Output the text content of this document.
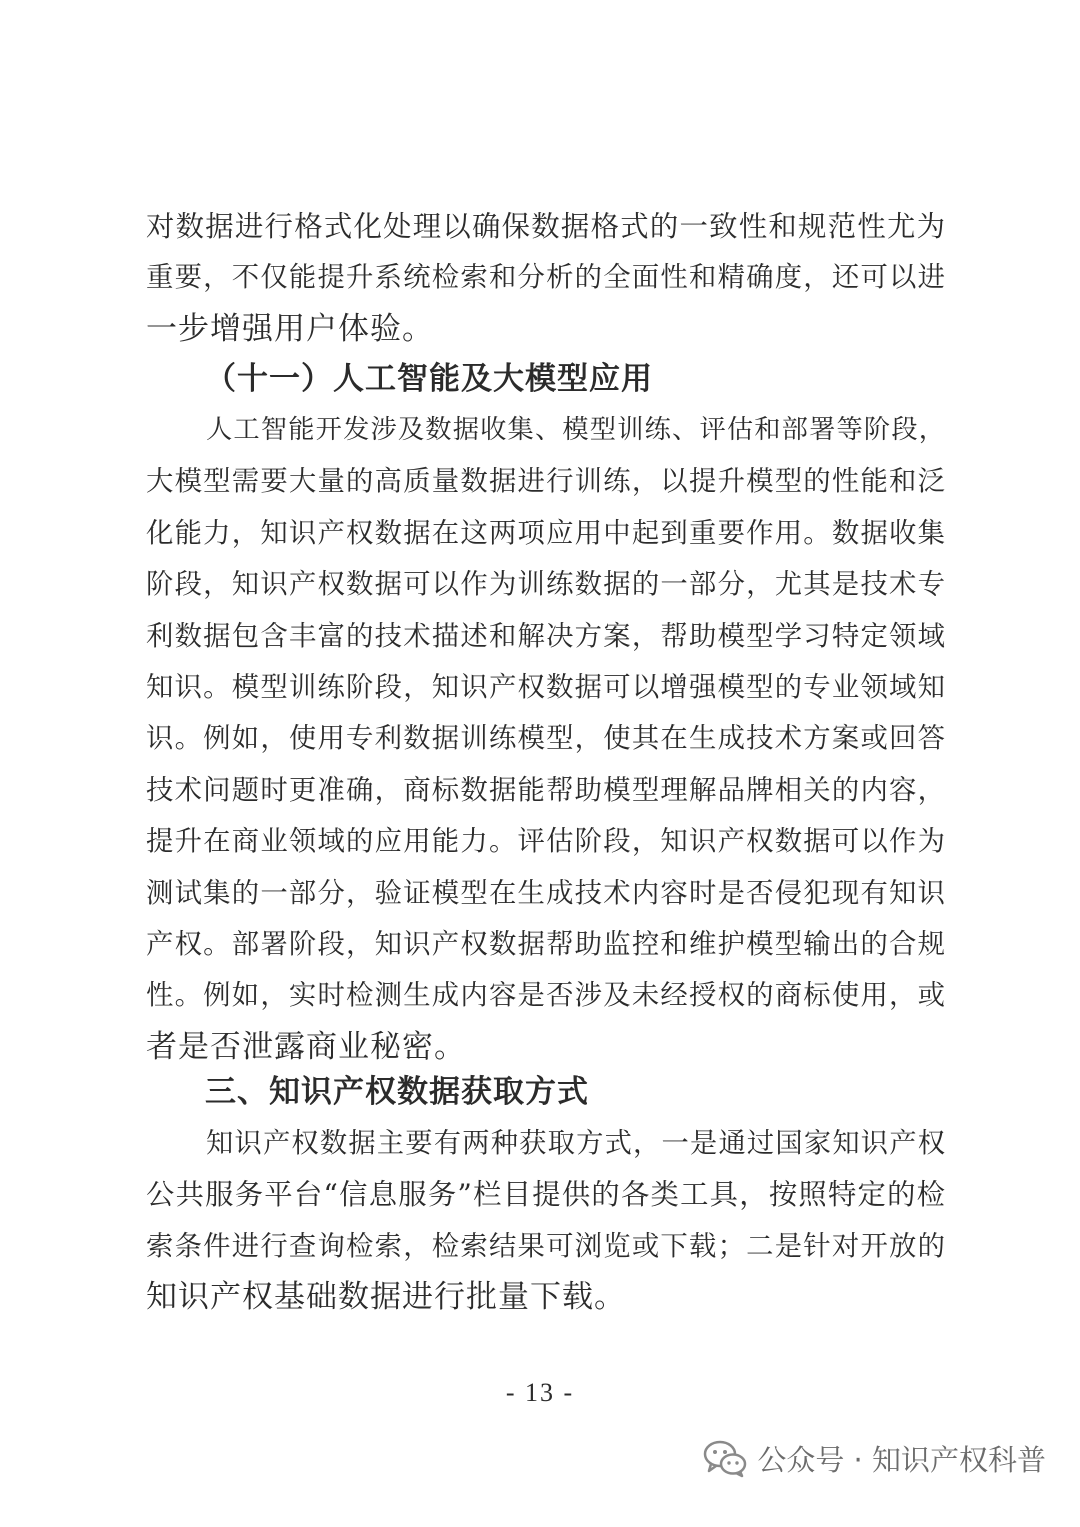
对数据进行格式化处理以确保数据格式的一致性和规范性尤为
重要，不仅能提升系统检索和分析的全面性和精确度，还可以进
一步增强用户体验。
（十一）人工智能及大模型应用
人工智能开发涉及数据收集、模型训练、评估和部署等阶段，
大模型需要大量的高质量数据进行训练，以提升模型的性能和泛
化能力，知识产权数据在这两项应用中起到重要作用。数据收集
阶段，知识产权数据可以作为训练数据的一部分，尤其是技术专
利数据包含丰富的技术描述和解决方案，帮助模型学习特定领域
知识。模型训练阶段，知识产权数据可以增强模型的专业领域知
识。例如，使用专利数据训练模型，使其在生成技术方案或回答
技术问题时更准确，商标数据能帮助模型理解品牌相关的内容，
提升在商业领域的应用能力。评估阶段，知识产权数据可以作为
测试集的一部分，验证模型在生成技术内容时是否侵犯现有知识
产权。部署阶段，知识产权数据帮助监控和维护模型输出的合规
性。例如，实时检测生成内容是否涉及未经授权的商标使用，或
者是否泄露商业秘密。
三、知识产权数据获取方式
知识产权数据主要有两种获取方式，一是通过国家知识产权
公共服务平台“信息服务”栏目提供的各类工具，按照特定的检
索条件进行查询检索，检索结果可浏览或下载；二是针对开放的
知识产权基础数据进行批量下载。
- 13 -
公众号 · 知识产权科普
